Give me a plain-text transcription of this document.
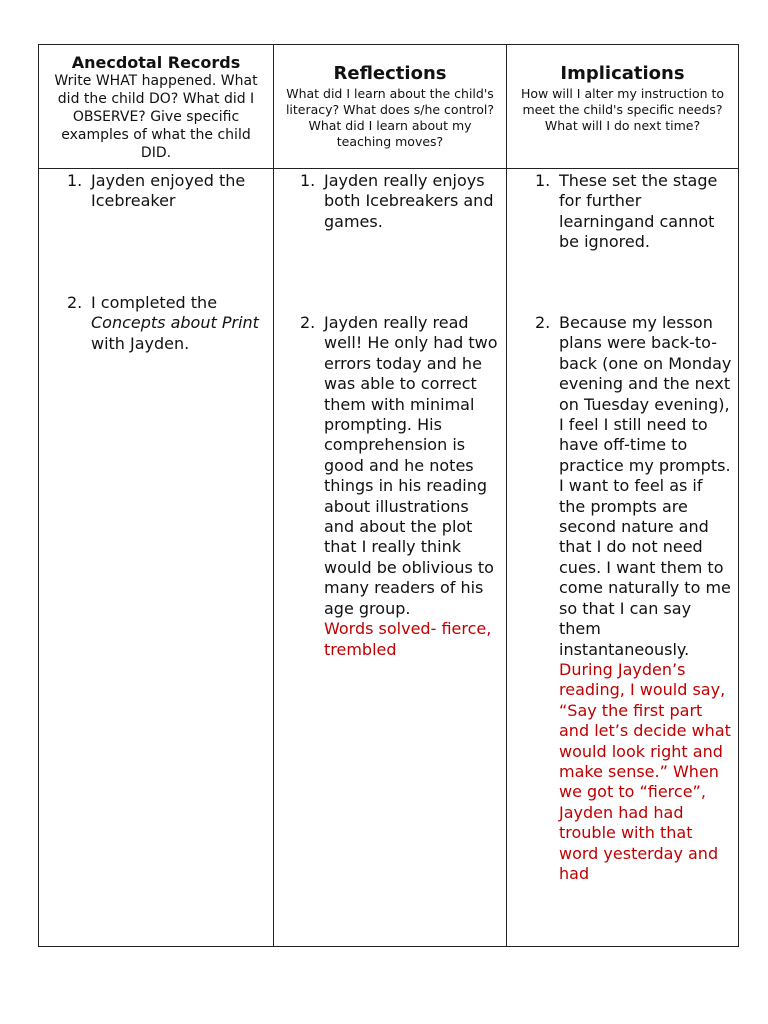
Anecdotal Records
Write WHAT happened. What did the child DO? What did I OBSERVE? Give specific examples of what the child DID.
1. Jayden enjoyed the Icebreaker
2. I completed the Concepts about Print with Jayden.
Reflections
What did I learn about the child's literacy? What does s/he control? What did I learn about my teaching moves?
1. Jayden really enjoys both Icebreakers and games.
2. Jayden really read well! He only had two errors today and he was able to correct them with minimal prompting. His comprehension is good and he notes things in his reading about illustrations and about the plot that I really think would be oblivious to many readers of his age group.
Words solved- fierce, trembled
Implications
How will I alter my instruction to meet the child's specific needs? What will I do next time?
1. These set the stage for further learningand cannot be ignored.
2. Because my lesson plans were back-to-back (one on Monday evening and the next on Tuesday evening), I feel I still need to have off-time to practice my prompts. I want to feel as if the prompts are second nature and that I do not need cues. I want them to come naturally to me so that I can say them instantaneously.
During Jayden’s reading, I would say, “Say the first part and let’s decide what would look right and make sense.” When we got to “fierce”, Jayden had had trouble with that word yesterday and had
